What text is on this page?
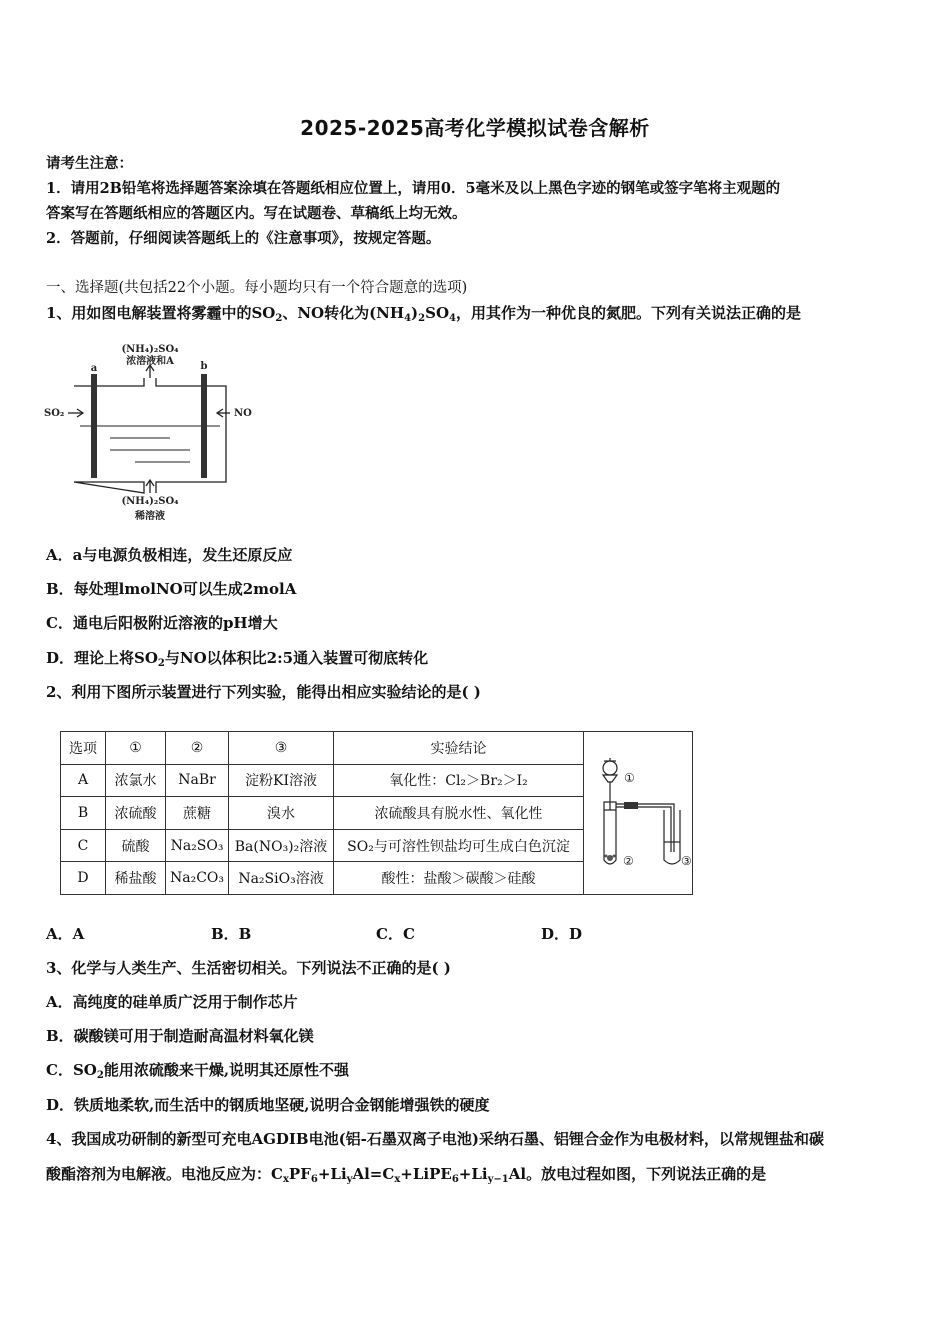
2025-2025高考化学模拟试卷含解析
请考生注意：
1．请用2B铅笔将选择题答案涂填在答题纸相应位置上，请用0．5毫米及以上黑色字迹的钢笔或签字笔将主观题的
答案写在答题纸相应的答题区内。写在试题卷、草稿纸上均无效。
2．答题前，仔细阅读答题纸上的《注意事项》，按规定答题。
一、选择题(共包括22个小题。每小题均只有一个符合题意的选项)
1、用如图电解装置将雾霾中的$SO_2$、NO转化为$(NH_4)_2SO_4$，用其作为一种优良的氮肥。下列有关说法正确的是
(NH₄)₂SO₄
浓溶液和A
a	b
SO₂	NO
(NH₄)₂SO₄
稀溶液
A．a与电源负极相连，发生还原反应
B．每处理lmolNO可以生成2molA
C．通电后阳极附近溶液的pH增大
D．理论上将$SO_2$与NO以体积比2:5通入装置可彻底转化
2、利用下图所示装置进行下列实验，能得出相应实验结论的是( )
选项	①	②	③	实验结论	①
② ③

A	浓氯水	NaBr	淀粉KI溶液	氧化性：Cl₂＞Br₂＞I₂	
B	浓硫酸	蔗糖	溴水	浓硫酸具有脱水性、氧化性	
C	硫酸	Na₂SO₃	Ba(NO₃)₂溶液	SO₂与可溶性钡盐均可生成白色沉淀	
D	稀盐酸	Na₂CO₃	Na₂SiO₃溶液	酸性：盐酸＞碳酸＞硅酸	
A．A	B．B	C．C	D．D
3、化学与人类生产、生活密切相关。下列说法不正确的是( )
A．高纯度的硅单质广泛用于制作芯片
B．碳酸镁可用于制造耐高温材料氧化镁
C．$SO_2$能用浓硫酸来干燥,说明其还原性不强
D．铁质地柔软,而生活中的钢质地坚硬,说明合金钢能增强铁的硬度
4、我国成功研制的新型可充电AGDIB电池(铝-石墨双离子电池)采纳石墨、铝锂合金作为电极材料，以常规锂盐和碳
酸酯溶剂为电解液。电池反应为：$C_xPF_6+Li_yAl=C_x+LiPE_6+Li_{y-1}Al$。放电过程如图，下列说法正确的是
